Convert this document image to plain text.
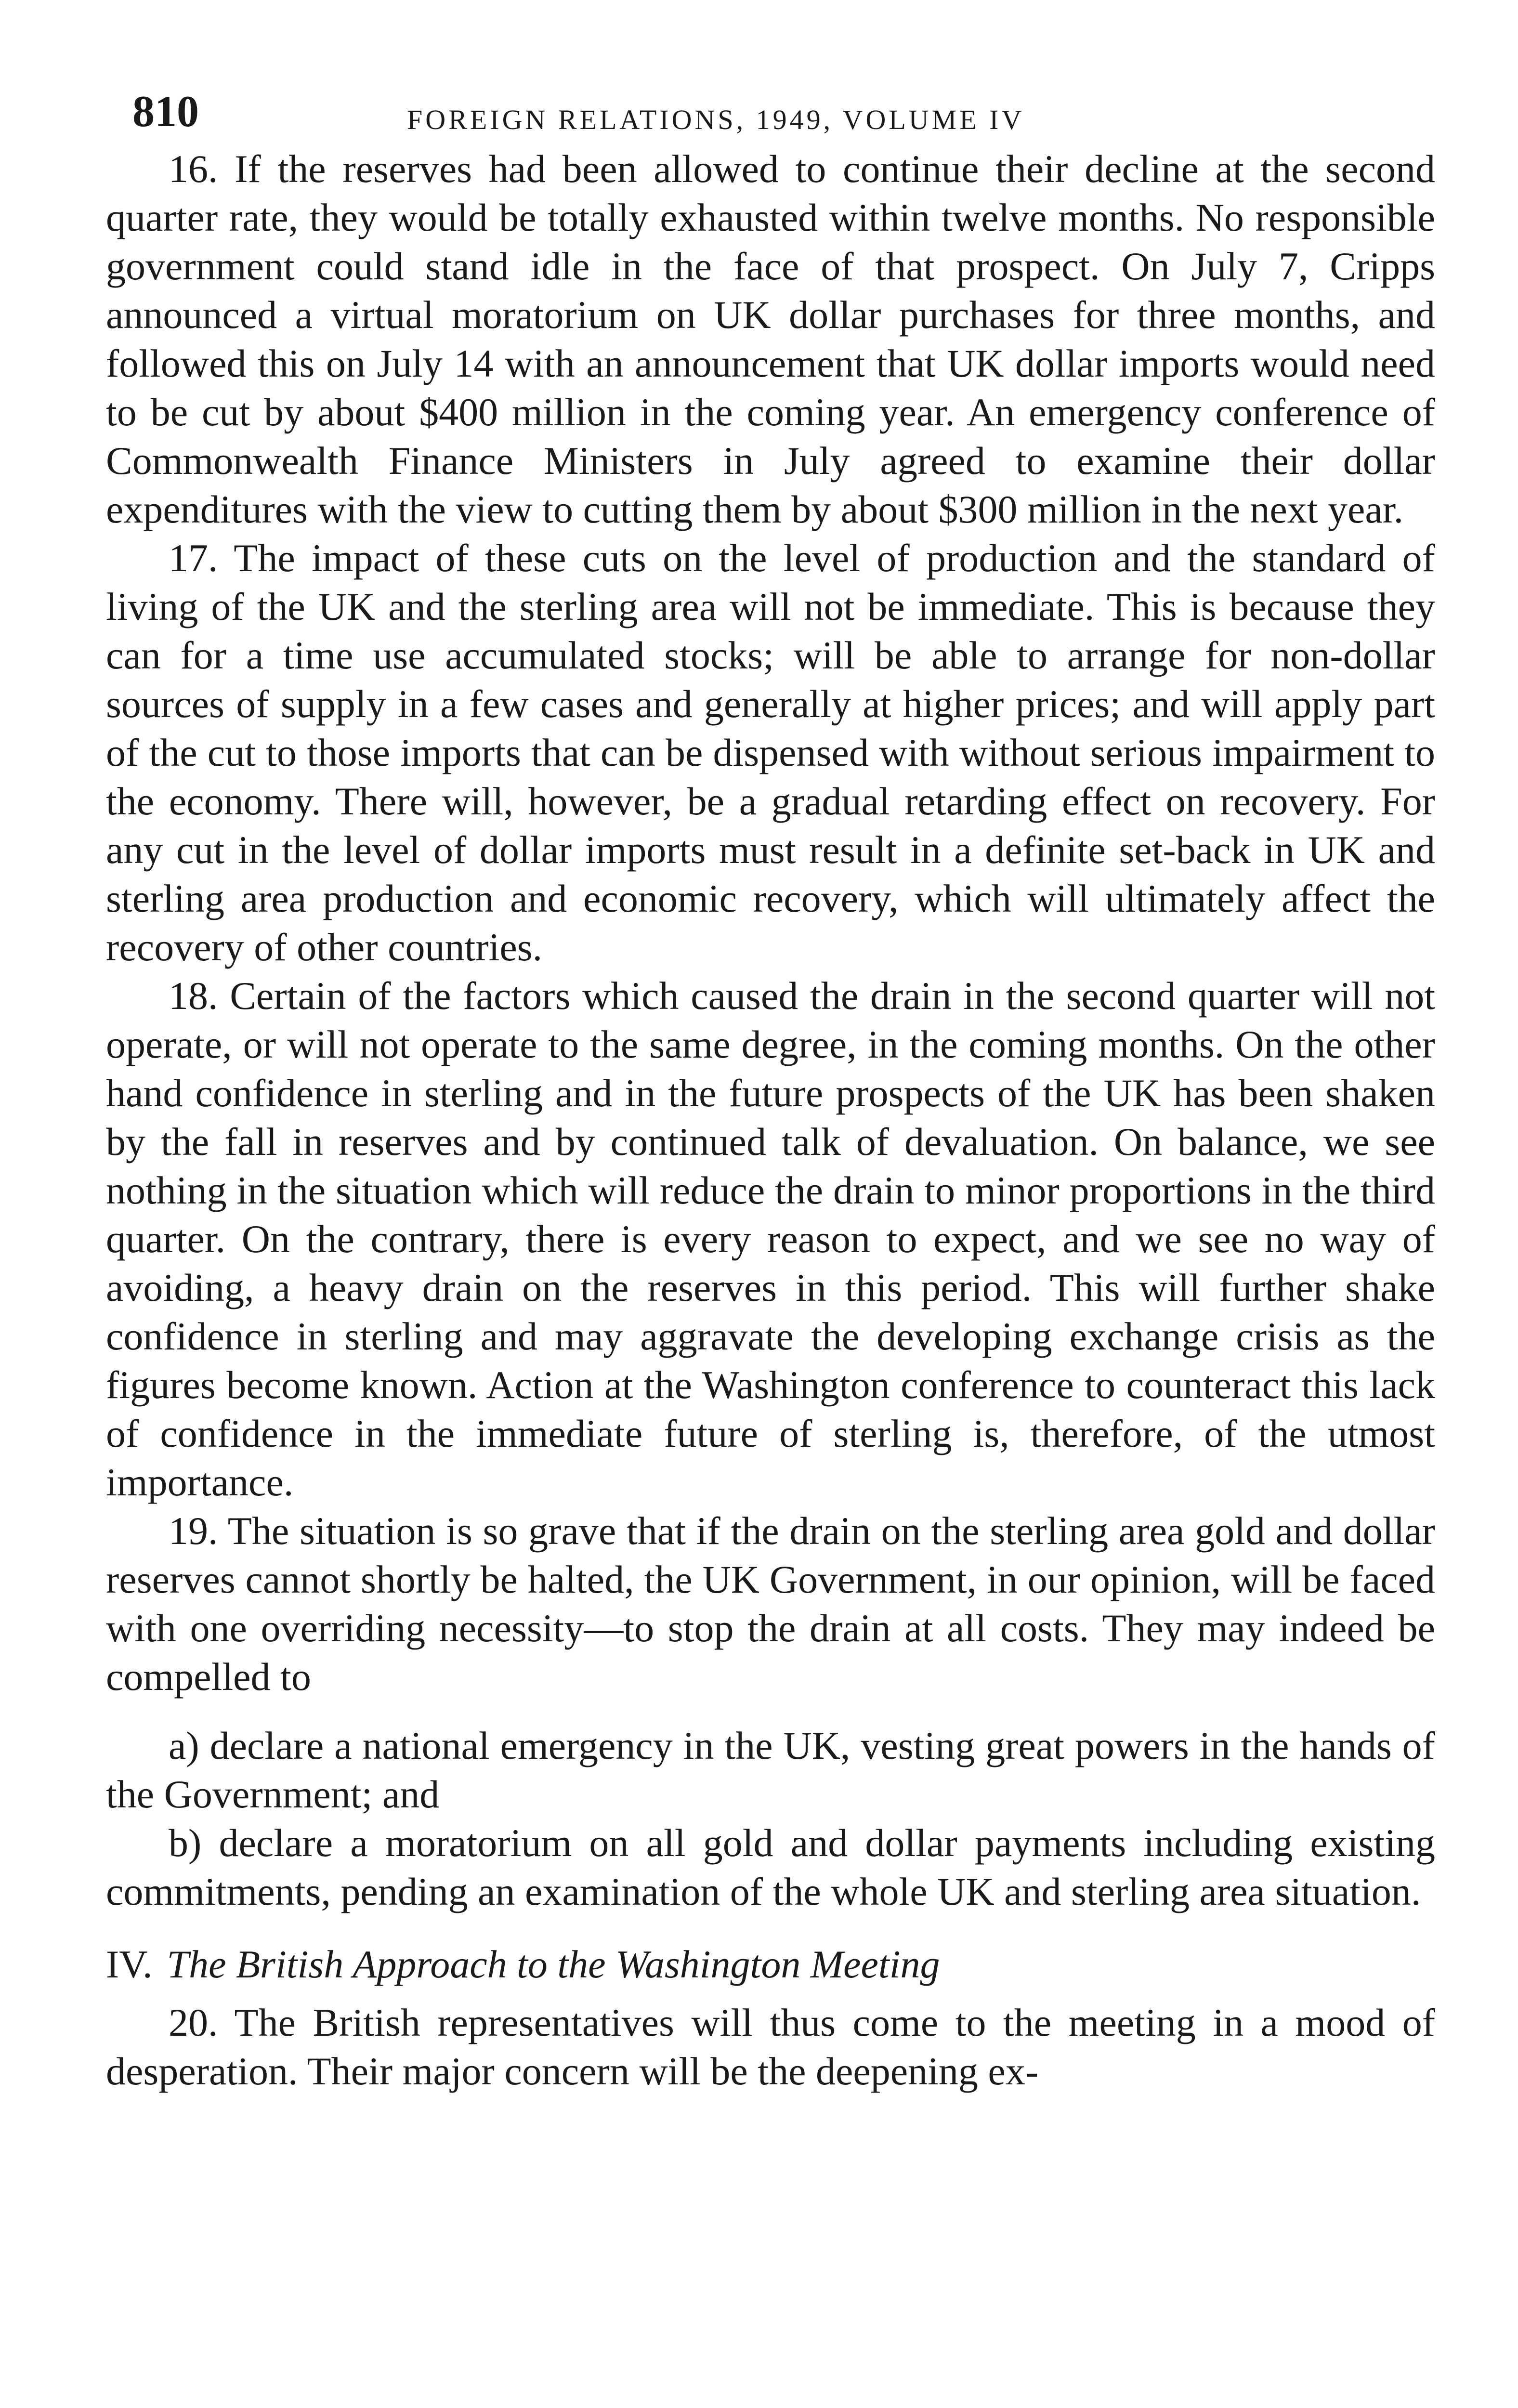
810	FOREIGN RELATIONS, 1949, VOLUME IV

16. If the reserves had been allowed to continue their decline at the second quarter rate, they would be totally exhausted within twelve months. No responsible government could stand idle in the face of that prospect. On July 7, Cripps announced a virtual moratorium on UK dollar purchases for three months, and followed this on July 14 with an announcement that UK dollar imports would need to be cut by about $400 million in the coming year. An emergency conference of Commonwealth Finance Ministers in July agreed to examine their dollar expenditures with the view to cutting them by about $300 million in the next year.

17. The impact of these cuts on the level of production and the standard of living of the UK and the sterling area will not be immediate. This is because they can for a time use accumulated stocks; will be able to arrange for non-dollar sources of supply in a few cases and generally at higher prices; and will apply part of the cut to those imports that can be dispensed with without serious impairment to the economy. There will, however, be a gradual retarding effect on recovery. For any cut in the level of dollar imports must result in a definite set-back in UK and sterling area production and economic recovery, which will ultimately affect the recovery of other countries.

18. Certain of the factors which caused the drain in the second quarter will not operate, or will not operate to the same degree, in the coming months. On the other hand confidence in sterling and in the future prospects of the UK has been shaken by the fall in reserves and by continued talk of devaluation. On balance, we see nothing in the situation which will reduce the drain to minor proportions in the third quarter. On the contrary, there is every reason to expect, and we see no way of avoiding, a heavy drain on the reserves in this period. This will further shake confidence in sterling and may aggravate the developing exchange crisis as the figures become known. Action at the Washington conference to counteract this lack of confidence in the immediate future of sterling is, therefore, of the utmost importance.

19. The situation is so grave that if the drain on the sterling area gold and dollar reserves cannot shortly be halted, the UK Government, in our opinion, will be faced with one overriding necessity—to stop the drain at all costs. They may indeed be compelled to

a) declare a national emergency in the UK, vesting great powers in the hands of the Government; and

b) declare a moratorium on all gold and dollar payments including existing commitments, pending an examination of the whole UK and sterling area situation.

IV. The British Approach to the Washington Meeting

20. The British representatives will thus come to the meeting in a mood of desperation. Their major concern will be the deepening ex-
